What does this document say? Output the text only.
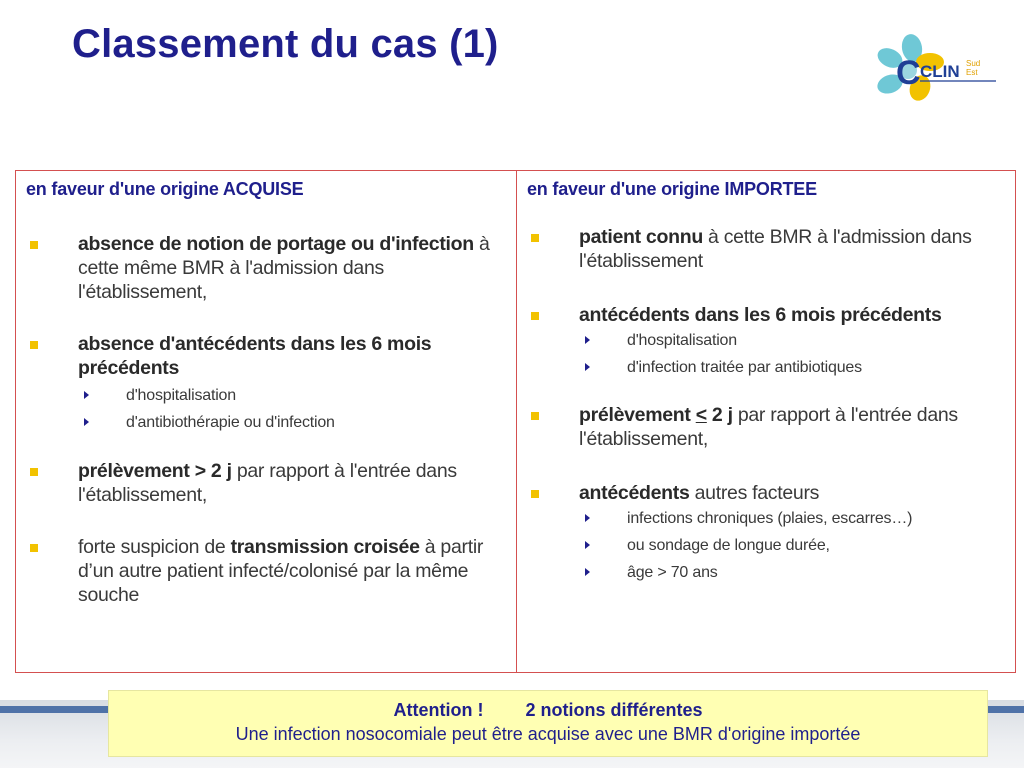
Classement du cas (1)
C CLIN Sud
Est
en faveur d'une origine ACQUISE
absence de notion de portage ou d'infection à cette même BMR à l'admission dans l'établissement,
absence d'antécédents dans les 6 mois précédents
d'hospitalisation
d'antibiothérapie ou d'infection
prélèvement > 2 j par rapport à l'entrée dans l'établissement,
forte suspicion de transmission croisée à partir d’un autre patient infecté/colonisé par la même souche
en faveur d'une origine IMPORTEE
patient connu à cette BMR à l'admission dans l'établissement
antécédents dans les 6 mois précédents
d'hospitalisation
d'infection traitée par antibiotiques
prélèvement < 2 j par rapport à l'entrée dans l'établissement,
antécédents autres facteurs
infections chroniques (plaies, escarres…)
ou sondage de longue durée,
âge > 70 ans
Attention ! 2 notions différentes
Une infection nosocomiale peut être acquise avec une BMR d'origine importée
